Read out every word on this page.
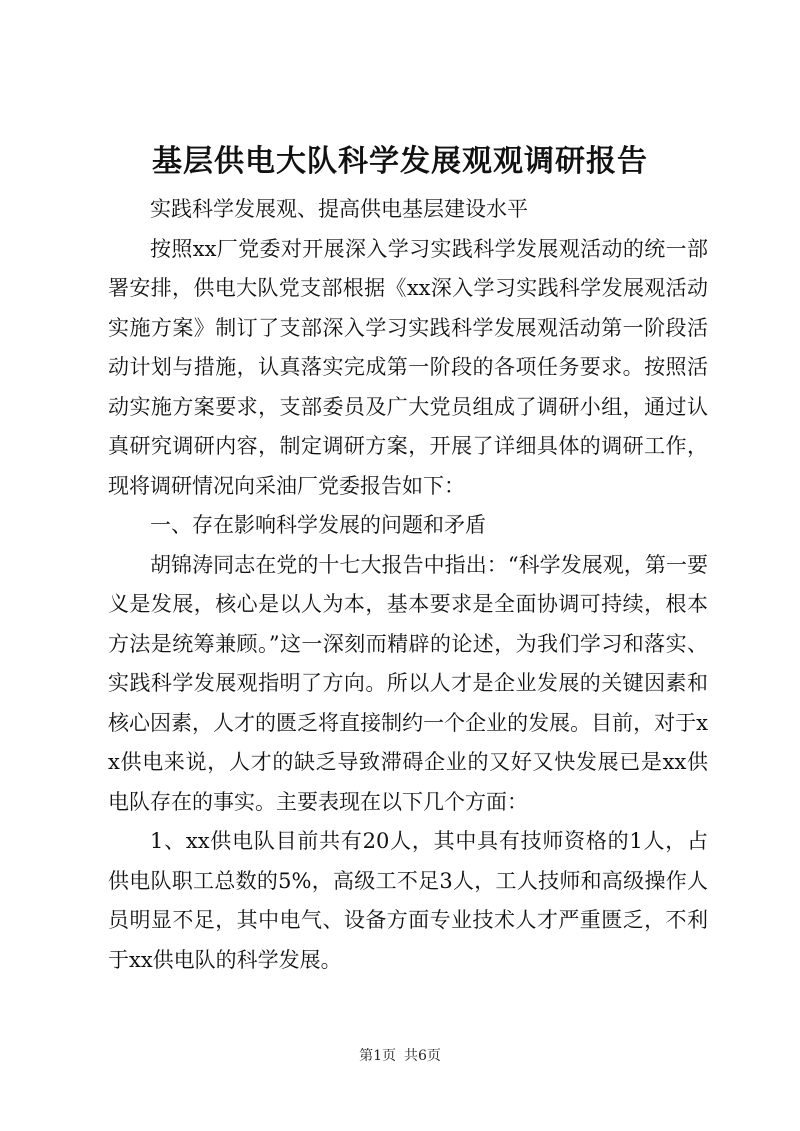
基层供电大队科学发展观观调研报告

实践科学发展观、提高供电基层建设水平

按照xx厂党委对开展深入学习实践科学发展观活动的统一部署安排，供电大队党支部根据《xx深入学习实践科学发展观活动实施方案》制订了支部深入学习实践科学发展观活动第一阶段活动计划与措施，认真落实完成第一阶段的各项任务要求。按照活动实施方案要求，支部委员及广大党员组成了调研小组，通过认真研究调研内容，制定调研方案，开展了详细具体的调研工作，现将调研情况向采油厂党委报告如下：

一、存在影响科学发展的问题和矛盾

胡锦涛同志在党的十七大报告中指出：“科学发展观，第一要义是发展，核心是以人为本，基本要求是全面协调可持续，根本方法是统筹兼顾。”这一深刻而精辟的论述，为我们学习和落实、实践科学发展观指明了方向。所以人才是企业发展的关键因素和核心因素，人才的匮乏将直接制约一个企业的发展。目前，对于xx供电来说，人才的缺乏导致滞碍企业的又好又快发展已是xx供电队存在的事实。主要表现在以下几个方面：

1、xx供电队目前共有20人，其中具有技师资格的1人，占供电队职工总数的5%，高级工不足3人，工人技师和高级操作人员明显不足，其中电气、设备方面专业技术人才严重匮乏，不利于xx供电队的科学发展。

第1页 共6页
